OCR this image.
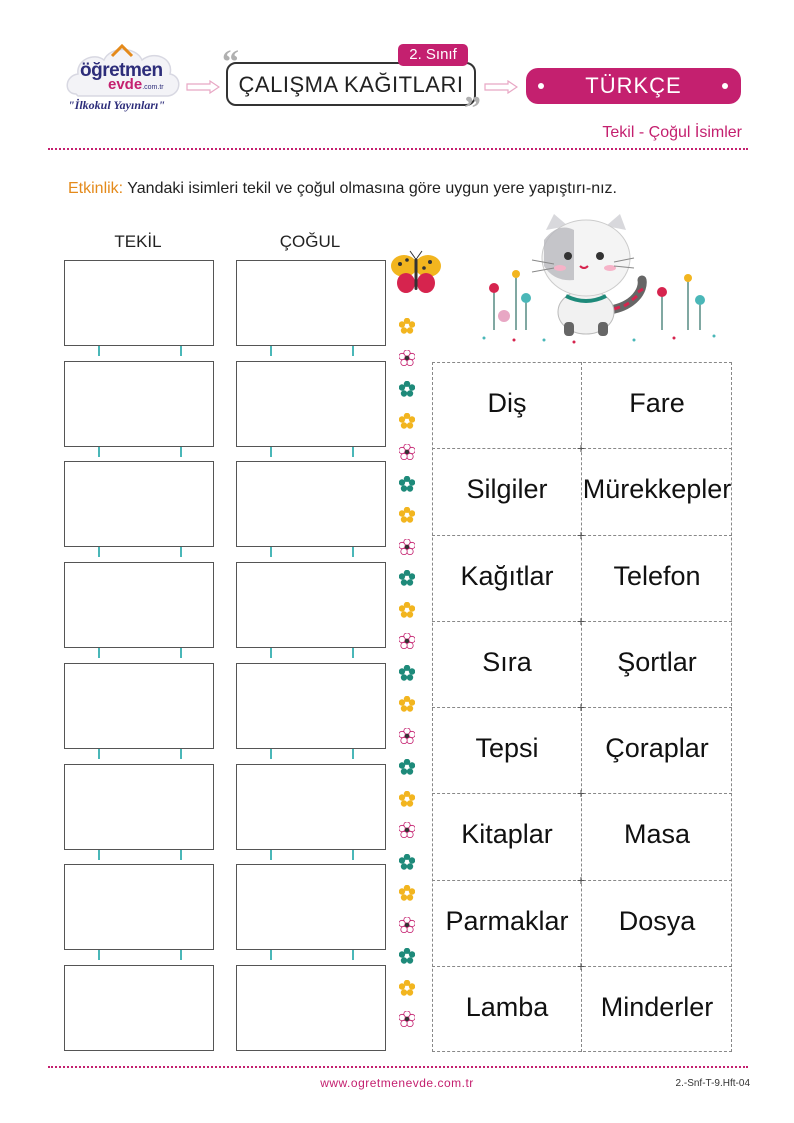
öğretmen
evde.com.tr
"İlkokul Yayınları"
“
ÇALIŞMA KAĞITLARI
”
2. Sınıf
TÜRKÇE
Tekil - Çoğul İsimler
Etkinlik: Yandaki isimleri tekil ve çoğul olmasına göre uygun yere yapıştırı-nız.
TEKİL	ÇOĞUL
Diş	Fare
+
Silgiler	Mürekkepler
+
Kağıtlar	Telefon
+
Sıra	Şortlar
+
Tepsi	Çoraplar
+
Kitaplar	Masa
+
Parmaklar	Dosya
+
Lamba	Minderler
www.ogretmenevde.com.tr	2.-Snf-T-9.Hft-04
